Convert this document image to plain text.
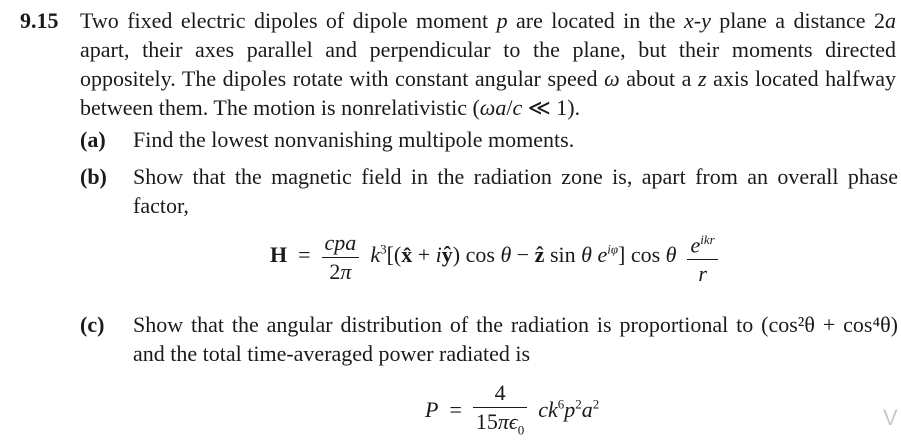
9.15 Two fixed electric dipoles of dipole moment p are located in the x-y plane a distance 2a apart, their axes parallel and perpendicular to the plane, but their moments directed oppositely. The dipoles rotate with constant angular speed ω about a z axis located halfway between them. The motion is nonrelativistic (ωa/c ≪ 1).
(a) Find the lowest nonvanishing multipole moments.
(b) Show that the magnetic field in the radiation zone is, apart from an overall phase factor,
$H = \frac{\text{cpa}}{2\pi}$ $k^3[(x̂$ + iŷ) cos θ − ẑ sin θ $e^{i\varphi}$] cos θ $\frac{e^{ikr}}{r}$
(c) Show that the angular distribution of the radiation is proportional to (cos²θ + cos⁴θ) and the total time-averaged power radiated is
$P = \frac{4}{15\pi\epsilon_0} ck^6p^2a^2$
V
